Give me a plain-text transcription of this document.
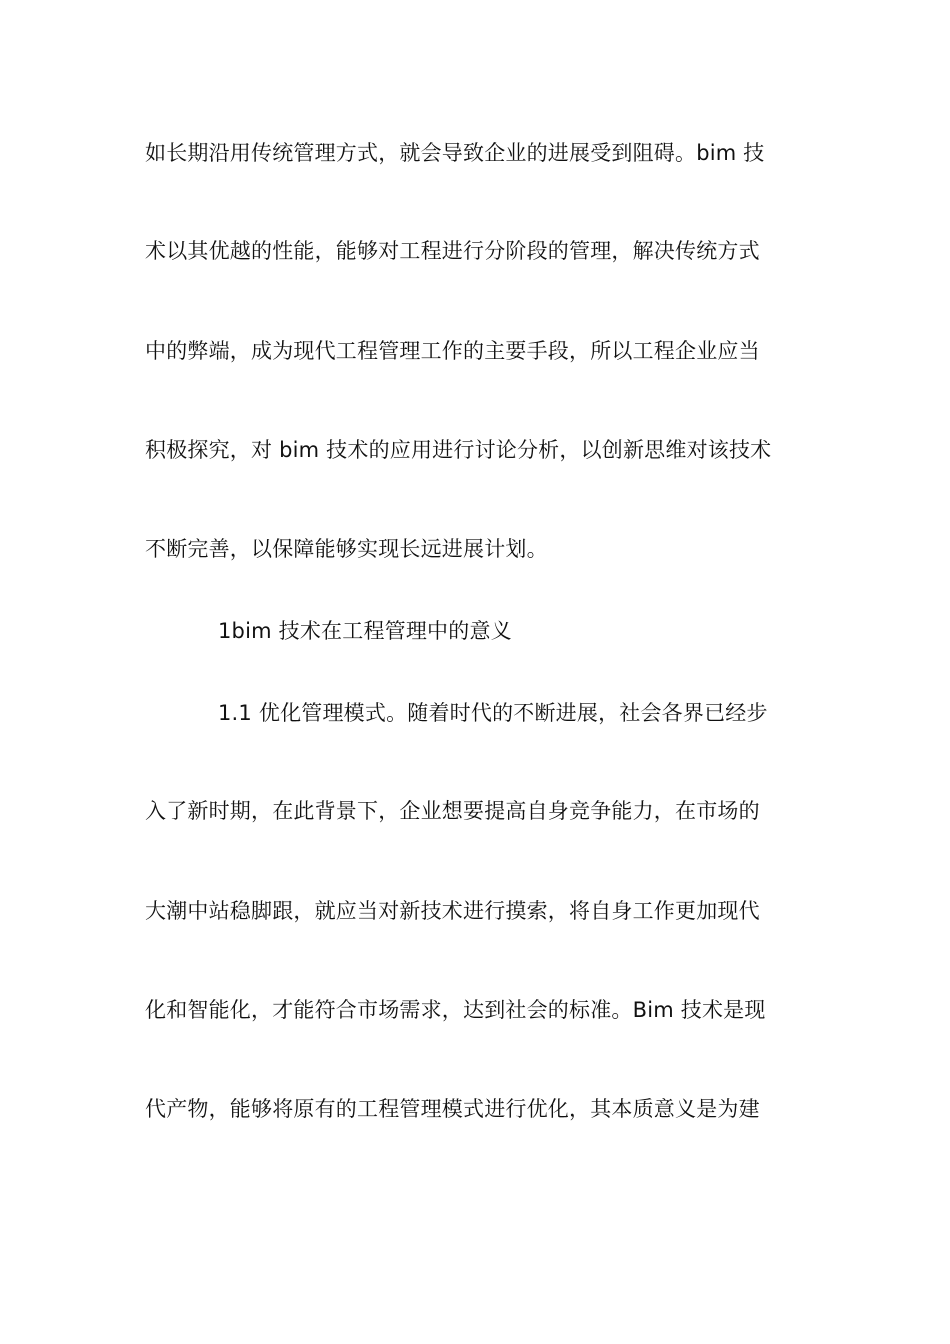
如长期沿用传统管理方式，就会导致企业的进展受到阻碍。bim 技
术以其优越的性能，能够对工程进行分阶段的管理，解决传统方式
中的弊端，成为现代工程管理工作的主要手段，所以工程企业应当
积极探究，对 bim 技术的应用进行讨论分析，以创新思维对该技术
不断完善，以保障能够实现长远进展计划。
1bim 技术在工程管理中的意义
1.1 优化管理模式。随着时代的不断进展，社会各界已经步
入了新时期，在此背景下，企业想要提高自身竞争能力，在市场的
大潮中站稳脚跟，就应当对新技术进行摸索，将自身工作更加现代
化和智能化，才能符合市场需求，达到社会的标准。Bim 技术是现
代产物，能够将原有的工程管理模式进行优化，其本质意义是为建
